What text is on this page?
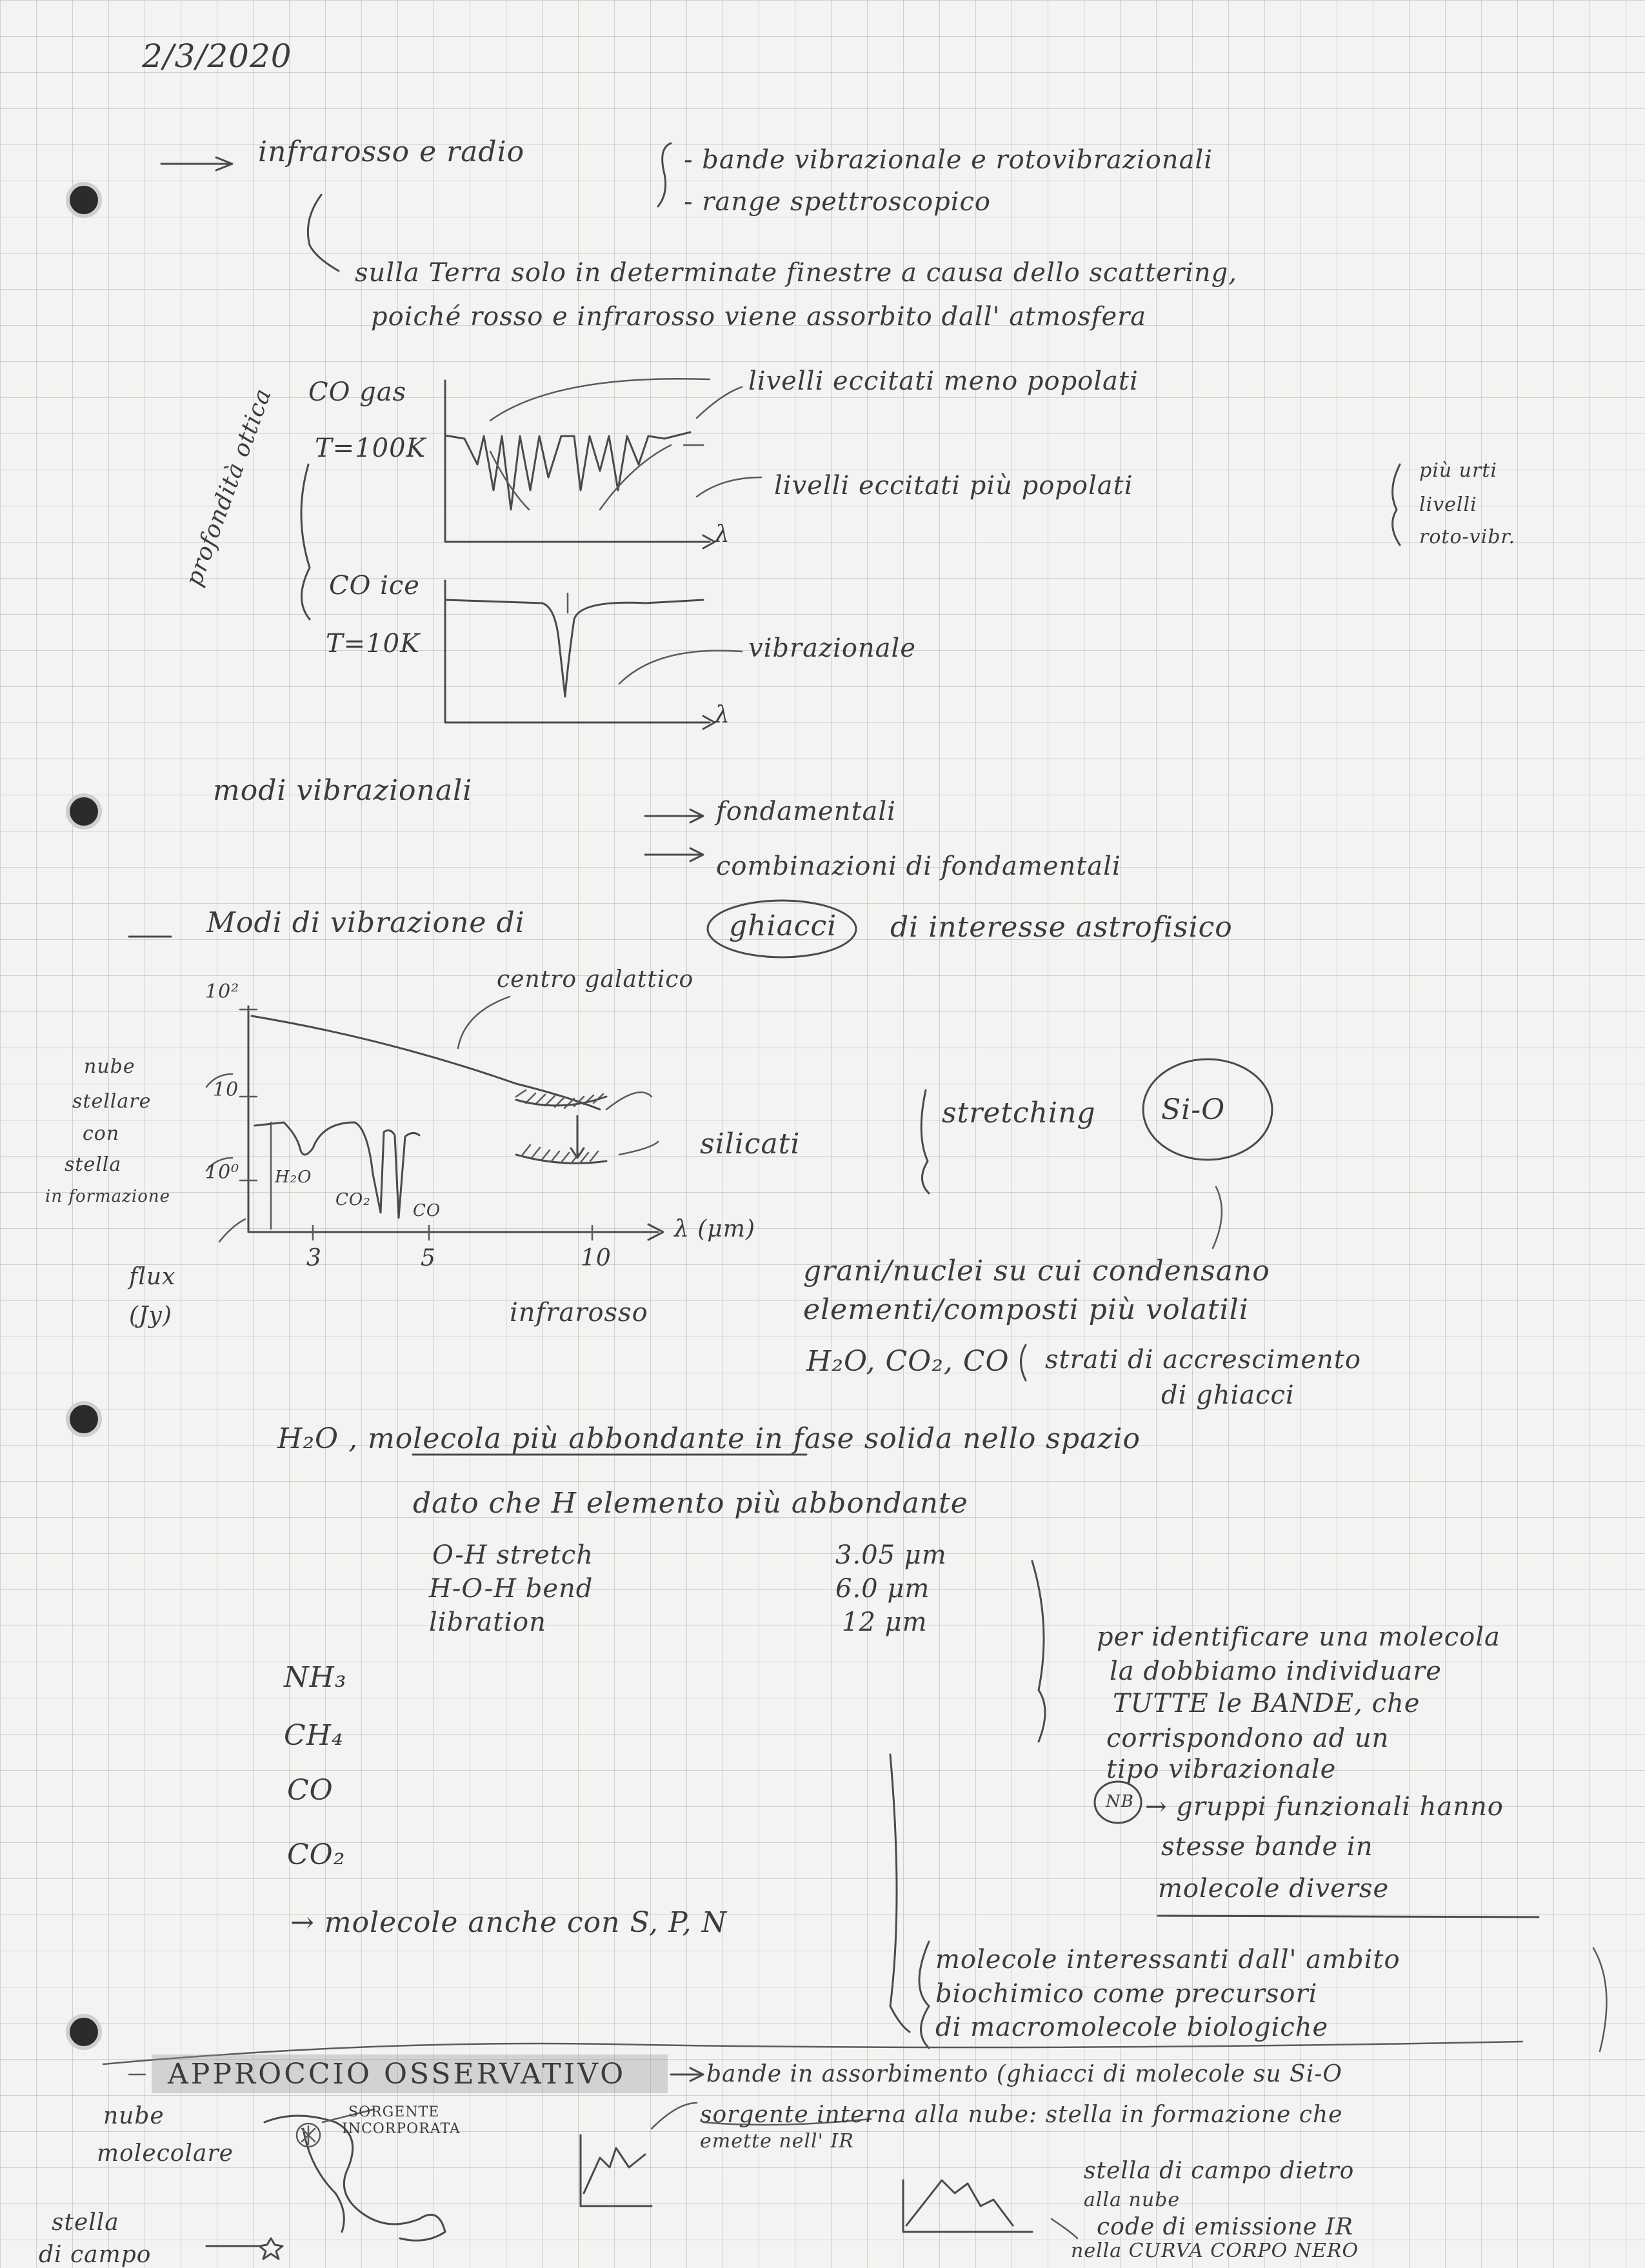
2/3/2020
infrarosso e radio	- bande vibrazionale e rotovibrazionali
- range spettroscopico
sulla Terra solo in determinate finestre a causa dello scattering,
poiché rosso e infrarosso viene assorbito dall' atmosfera
profondità ottica CO gas
T=100K
CO ice
T=10K
λ
λ
livelli eccitati meno popolati
livelli eccitati più popolati
più urti
livelli
roto-vibr.
vibrazionale
modi vibrazionali
fondamentali
combinazioni di fondamentali
Modi di vibrazione di	ghiacci di interesse astrofisico
10²
10
10⁰
nube
stellare
con
stella
in formazione
flux (Jy)
3	5	10
λ (μm)
infrarosso
centro galattico
H₂O
CO₂
CO
silicati
stretching Si-O
grani/nuclei su cui condensano
elementi/composti più volatili
H₂O, CO₂, CO strati di accrescimento
di ghiacci
H₂O , molecola più abbondante in fase solida nello spazio
dato che H elemento più abbondante
O-H stretch	3.05 μm
H-O-H bend	6.0 μm
libration	12 μm
NH₃
CH₄
CO
CO₂
→ molecole anche con S, P, N
per identificare una molecola
la dobbiamo individuare
TUTTE le BANDE, che
corrispondono ad un
tipo vibrazionale
NB → gruppi funzionali hanno
stesse bande in
molecole diverse
molecole interessanti dall' ambito
biochimico come precursori
di macromolecole biologiche
APPROCCIO OSSERVATIVO
nube
molecolare
stella
di campo
SORGENTE
INCORPORATA
bande in assorbimento (ghiacci di molecole su Si-O
sorgente interna alla nube: stella in formazione che
emette nell' IR
stella di campo dietro
alla nube
code di emissione IR
nella CURVA CORPO NERO
